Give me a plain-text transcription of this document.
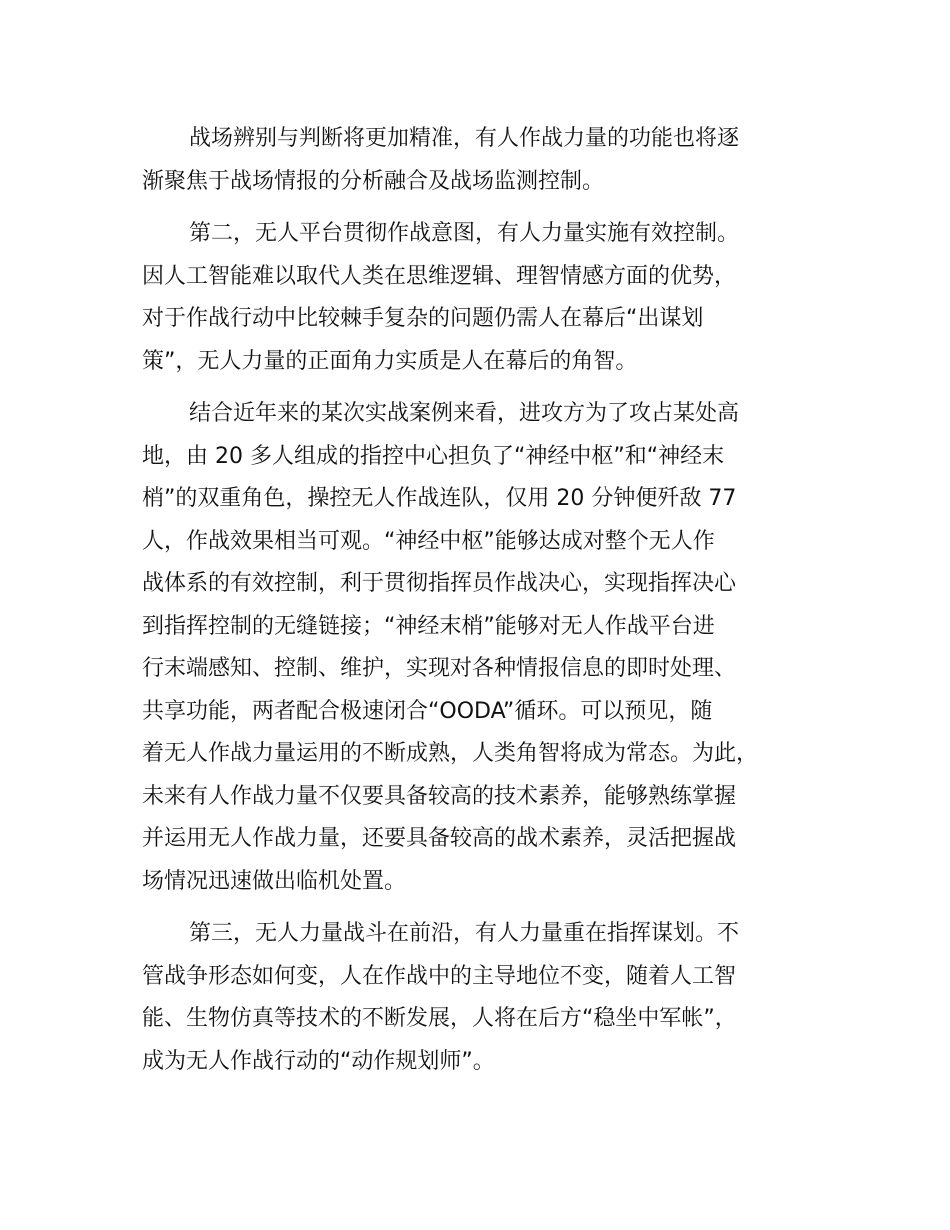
战场辨别与判断将更加精准，有人作战力量的功能也将逐
渐聚焦于战场情报的分析融合及战场监测控制。

第二，无人平台贯彻作战意图，有人力量实施有效控制。
因人工智能难以取代人类在思维逻辑、理智情感方面的优势，
对于作战行动中比较棘手复杂的问题仍需人在幕后“出谋划
策”，无人力量的正面角力实质是人在幕后的角智。

结合近年来的某次实战案例来看，进攻方为了攻占某处高
地，由 20 多人组成的指控中心担负了“神经中枢”和“神经末
梢”的双重角色，操控无人作战连队，仅用 20 分钟便歼敌 77
人，作战效果相当可观。“神经中枢”能够达成对整个无人作
战体系的有效控制，利于贯彻指挥员作战决心，实现指挥决心
到指挥控制的无缝链接；“神经末梢”能够对无人作战平台进
行末端感知、控制、维护，实现对各种情报信息的即时处理、
共享功能，两者配合极速闭合“OODA”循环。可以预见，随
着无人作战力量运用的不断成熟，人类角智将成为常态。为此，
未来有人作战力量不仅要具备较高的技术素养，能够熟练掌握
并运用无人作战力量，还要具备较高的战术素养，灵活把握战
场情况迅速做出临机处置。

第三，无人力量战斗在前沿，有人力量重在指挥谋划。不
管战争形态如何变，人在作战中的主导地位不变，随着人工智
能、生物仿真等技术的不断发展，人将在后方“稳坐中军帐”，
成为无人作战行动的“动作规划师”。
